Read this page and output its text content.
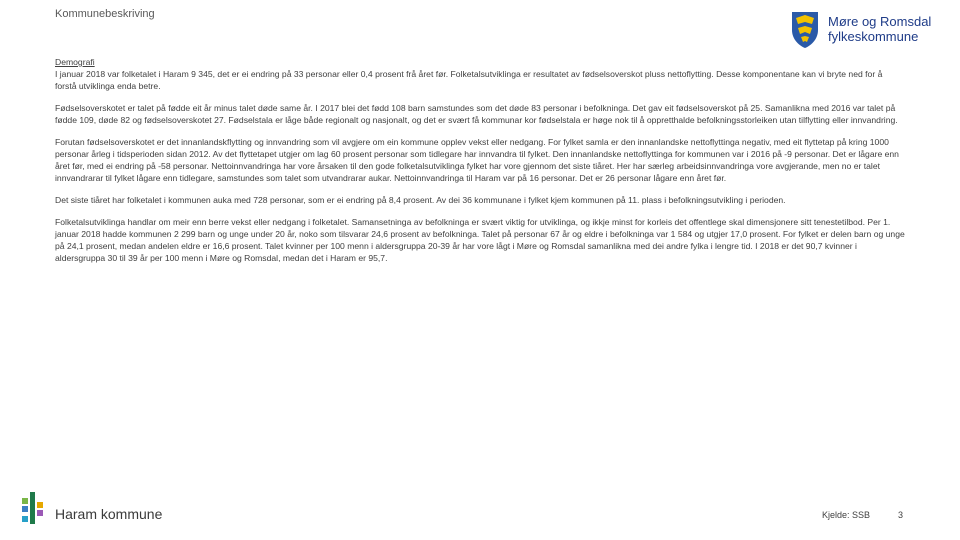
Kommunebeskriving	Møre og Romsdal
fylkeskommune
Demografi

I januar 2018 var folketalet i Haram 9 345, det er ei endring på 33 personar eller 0,4 prosent frå året før. Folketalsutviklinga er resultatet av fødselsoverskot pluss nettoflytting. Desse komponentane kan vi bryte ned for å forstå utviklinga enda betre.

Fødselsoverskotet er talet på fødde eit år minus talet døde same år. I 2017 blei det fødd 108 barn samstundes som det døde 83 personar i befolkninga. Det gav eit fødselsoverskot på 25. Samanlikna med 2016 var talet på fødde 109, døde 82 og fødselsoverskotet 27. Fødselstala er låge både regionalt og nasjonalt, og det er svært få kommunar kor fødselstala er høge nok til å oppretthalde befolkningsstorleiken utan tilflytting eller innvandring.

Forutan fødselsoverskotet er det innanlandskflytting og innvandring som vil avgjere om ein kommune opplev vekst eller nedgang. For fylket samla er den innanlandske nettoflyttinga negativ, med eit flyttetap på kring 1000 personar årleg i tidsperioden sidan 2012. Av det flyttetapet utgjer om lag 60 prosent personar som tidlegare har innvandra til fylket. Den innanlandske nettoflyttinga for kommunen var i 2016 på -9 personar. Det er lågare enn året før, med ei endring på -58 personar. Nettoinnvandringa har vore årsaken til den gode folketalsutviklinga fylket har vore gjennom det siste tiåret. Her har særleg arbeidsinnvandringa vore avgjerande, men no er talet innvandrarar til fylket lågare enn tidlegare, samstundes som talet som utvandrarar aukar. Nettoinnvandringa til Haram var på 16 personar. Det er 26 personar lågare enn året før.

Det siste tiåret har folketalet i kommunen auka med 728 personar, som er ei endring på 8,4 prosent. Av dei 36 kommunane i fylket kjem kommunen på 11. plass i befolkningsutvikling i perioden.

Folketalsutviklinga handlar om meir enn berre vekst eller nedgang i folketalet. Samansetninga av befolkninga er svært viktig for utviklinga, og ikkje minst for korleis det offentlege skal dimensjonere sitt tenestetilbod. Per 1. januar 2018 hadde kommunen 2 299 barn og unge under 20 år, noko som tilsvarar 24,6 prosent av befolkninga. Talet på personar 67 år og eldre i befolkninga var 1 584 og utgjer 17,0 prosent. For fylket er delen barn og unge på 24,1 prosent, medan andelen eldre er 16,6 prosent. Talet kvinner per 100 menn i aldersgruppa 20-39 år har vore lågt i Møre og Romsdal samanlikna med dei andre fylka i lengre tid. I 2018 er det 90,7 kvinner i aldersgruppa 30 til 39 år per 100 menn i Møre og Romsdal, medan det i Haram er 95,7.

Haram kommune	Kjelde: SSB	3
